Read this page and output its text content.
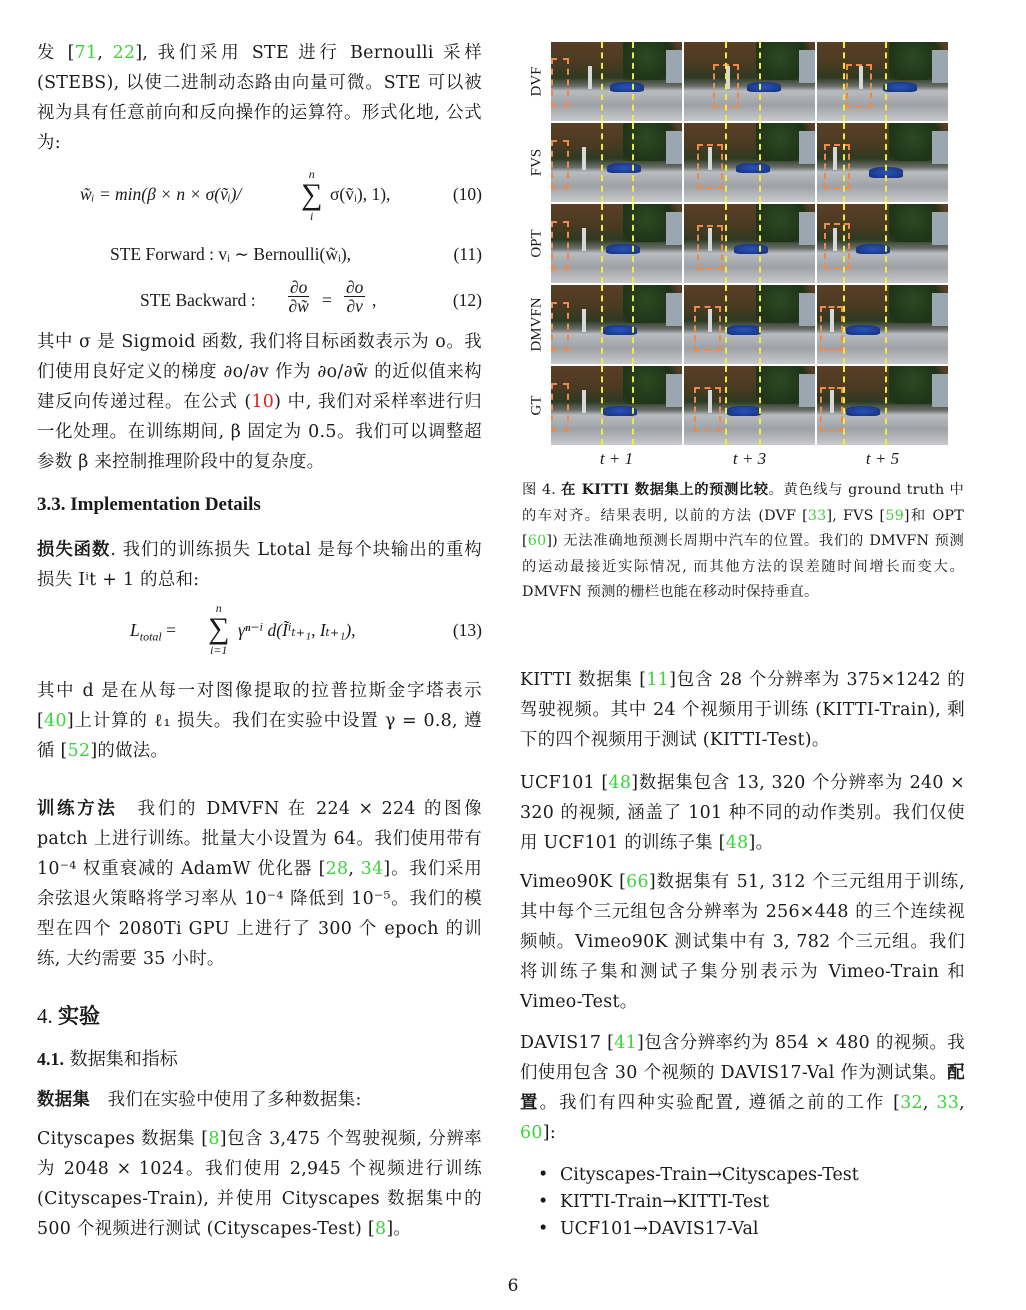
发 [71, 22], 我们采用 STE 进行 Bernoulli 采样 (STEBS), 以使二进制动态路由向量可微。STE 可以被视为具有任意前向和反向操作的运算符。形式化地, 公式为:

w̃ᵢ = min(β × n × σ(ṽᵢ)/
n
∑
i
σ(ṽᵢ), 1),	(10)
STE Forward : vᵢ ∼ Bernoulli(w̃ᵢ),	(11)
STE Backward : $\frac{\partial o}{\partial w̃} = \frac{\partial o}{\partial v}$ ,	(12)

其中 σ 是 Sigmoid 函数, 我们将目标函数表示为 o。我们使用良好定义的梯度 ∂o/∂v 作为 ∂o/∂w̃ 的近似值来构建反向传递过程。在公式 (10) 中, 我们对采样率进行归一化处理。在训练期间, β 固定为 0.5。我们可以调整超参数 β 来控制推理阶段中的复杂度。

3.3. Implementation Details

损失函数. 我们的训练损失 Ltotal 是每个块输出的重构损失 Iⁱt + 1 的总和:

$L_{total}$ =
n
∑
i=1
γⁿ⁻ⁱ d(Ĩⁱₜ₊₁, Iₜ₊₁),	(13)

其中 d 是在从每一对图像提取的拉普拉斯金字塔表示 [40]上计算的 ℓ₁ 损失。我们在实验中设置 γ = 0.8, 遵循 [52]的做法。

训练方法　我们的 DMVFN 在 224 × 224 的图像 patch 上进行训练。批量大小设置为 64。我们使用带有 10⁻⁴ 权重衰减的 AdamW 优化器 [28, 34]。我们采用余弦退火策略将学习率从 10⁻⁴ 降低到 10⁻⁵。我们的模型在四个 2080Ti GPU 上进行了 300 个 epoch 的训练, 大约需要 35 小时。

4. 实验
4.1. 数据集和指标

数据集　我们在实验中使用了多种数据集:

Cityscapes 数据集 [8]包含 3,475 个驾驶视频, 分辨率为 2048 × 1024。我们使用 2,945 个视频进行训练 (Cityscapes-Train), 并使用 Cityscapes 数据集中的 500 个视频进行测试 (Cityscapes-Test) [8]。

DVF
FVS
OPT
DMVFN
GT
t + 1	t + 3	t + 5

图 4. 在 KITTI 数据集上的预测比较。黄色线与 ground truth 中的车对齐。结果表明, 以前的方法 (DVF [33], FVS [59]和 OPT [60]) 无法准确地预测长周期中汽车的位置。我们的 DMVFN 预测的运动最接近实际情况, 而其他方法的误差随时间增长而变大。DMVFN 预测的栅栏也能在移动时保持垂直。

KITTI 数据集 [11]包含 28 个分辨率为 375×1242 的驾驶视频。其中 24 个视频用于训练 (KITTI-Train), 剩下的四个视频用于测试 (KITTI-Test)。

UCF101 [48]数据集包含 13, 320 个分辨率为 240 × 320 的视频, 涵盖了 101 种不同的动作类别。我们仅使用 UCF101 的训练子集 [48]。

Vimeo90K [66]数据集有 51, 312 个三元组用于训练, 其中每个三元组包含分辨率为 256×448 的三个连续视频帧。Vimeo90K 测试集中有 3, 782 个三元组。我们将训练子集和测试子集分别表示为 Vimeo-Train 和 Vimeo-Test。

DAVIS17 [41]包含分辨率约为 854 × 480 的视频。我们使用包含 30 个视频的 DAVIS17-Val 作为测试集。配置。我们有四种实验配置, 遵循之前的工作 [32, 33, 60]:

• Cityscapes-Train→Cityscapes-Test
• KITTI-Train→KITTI-Test
• UCF101→DAVIS17-Val
6
